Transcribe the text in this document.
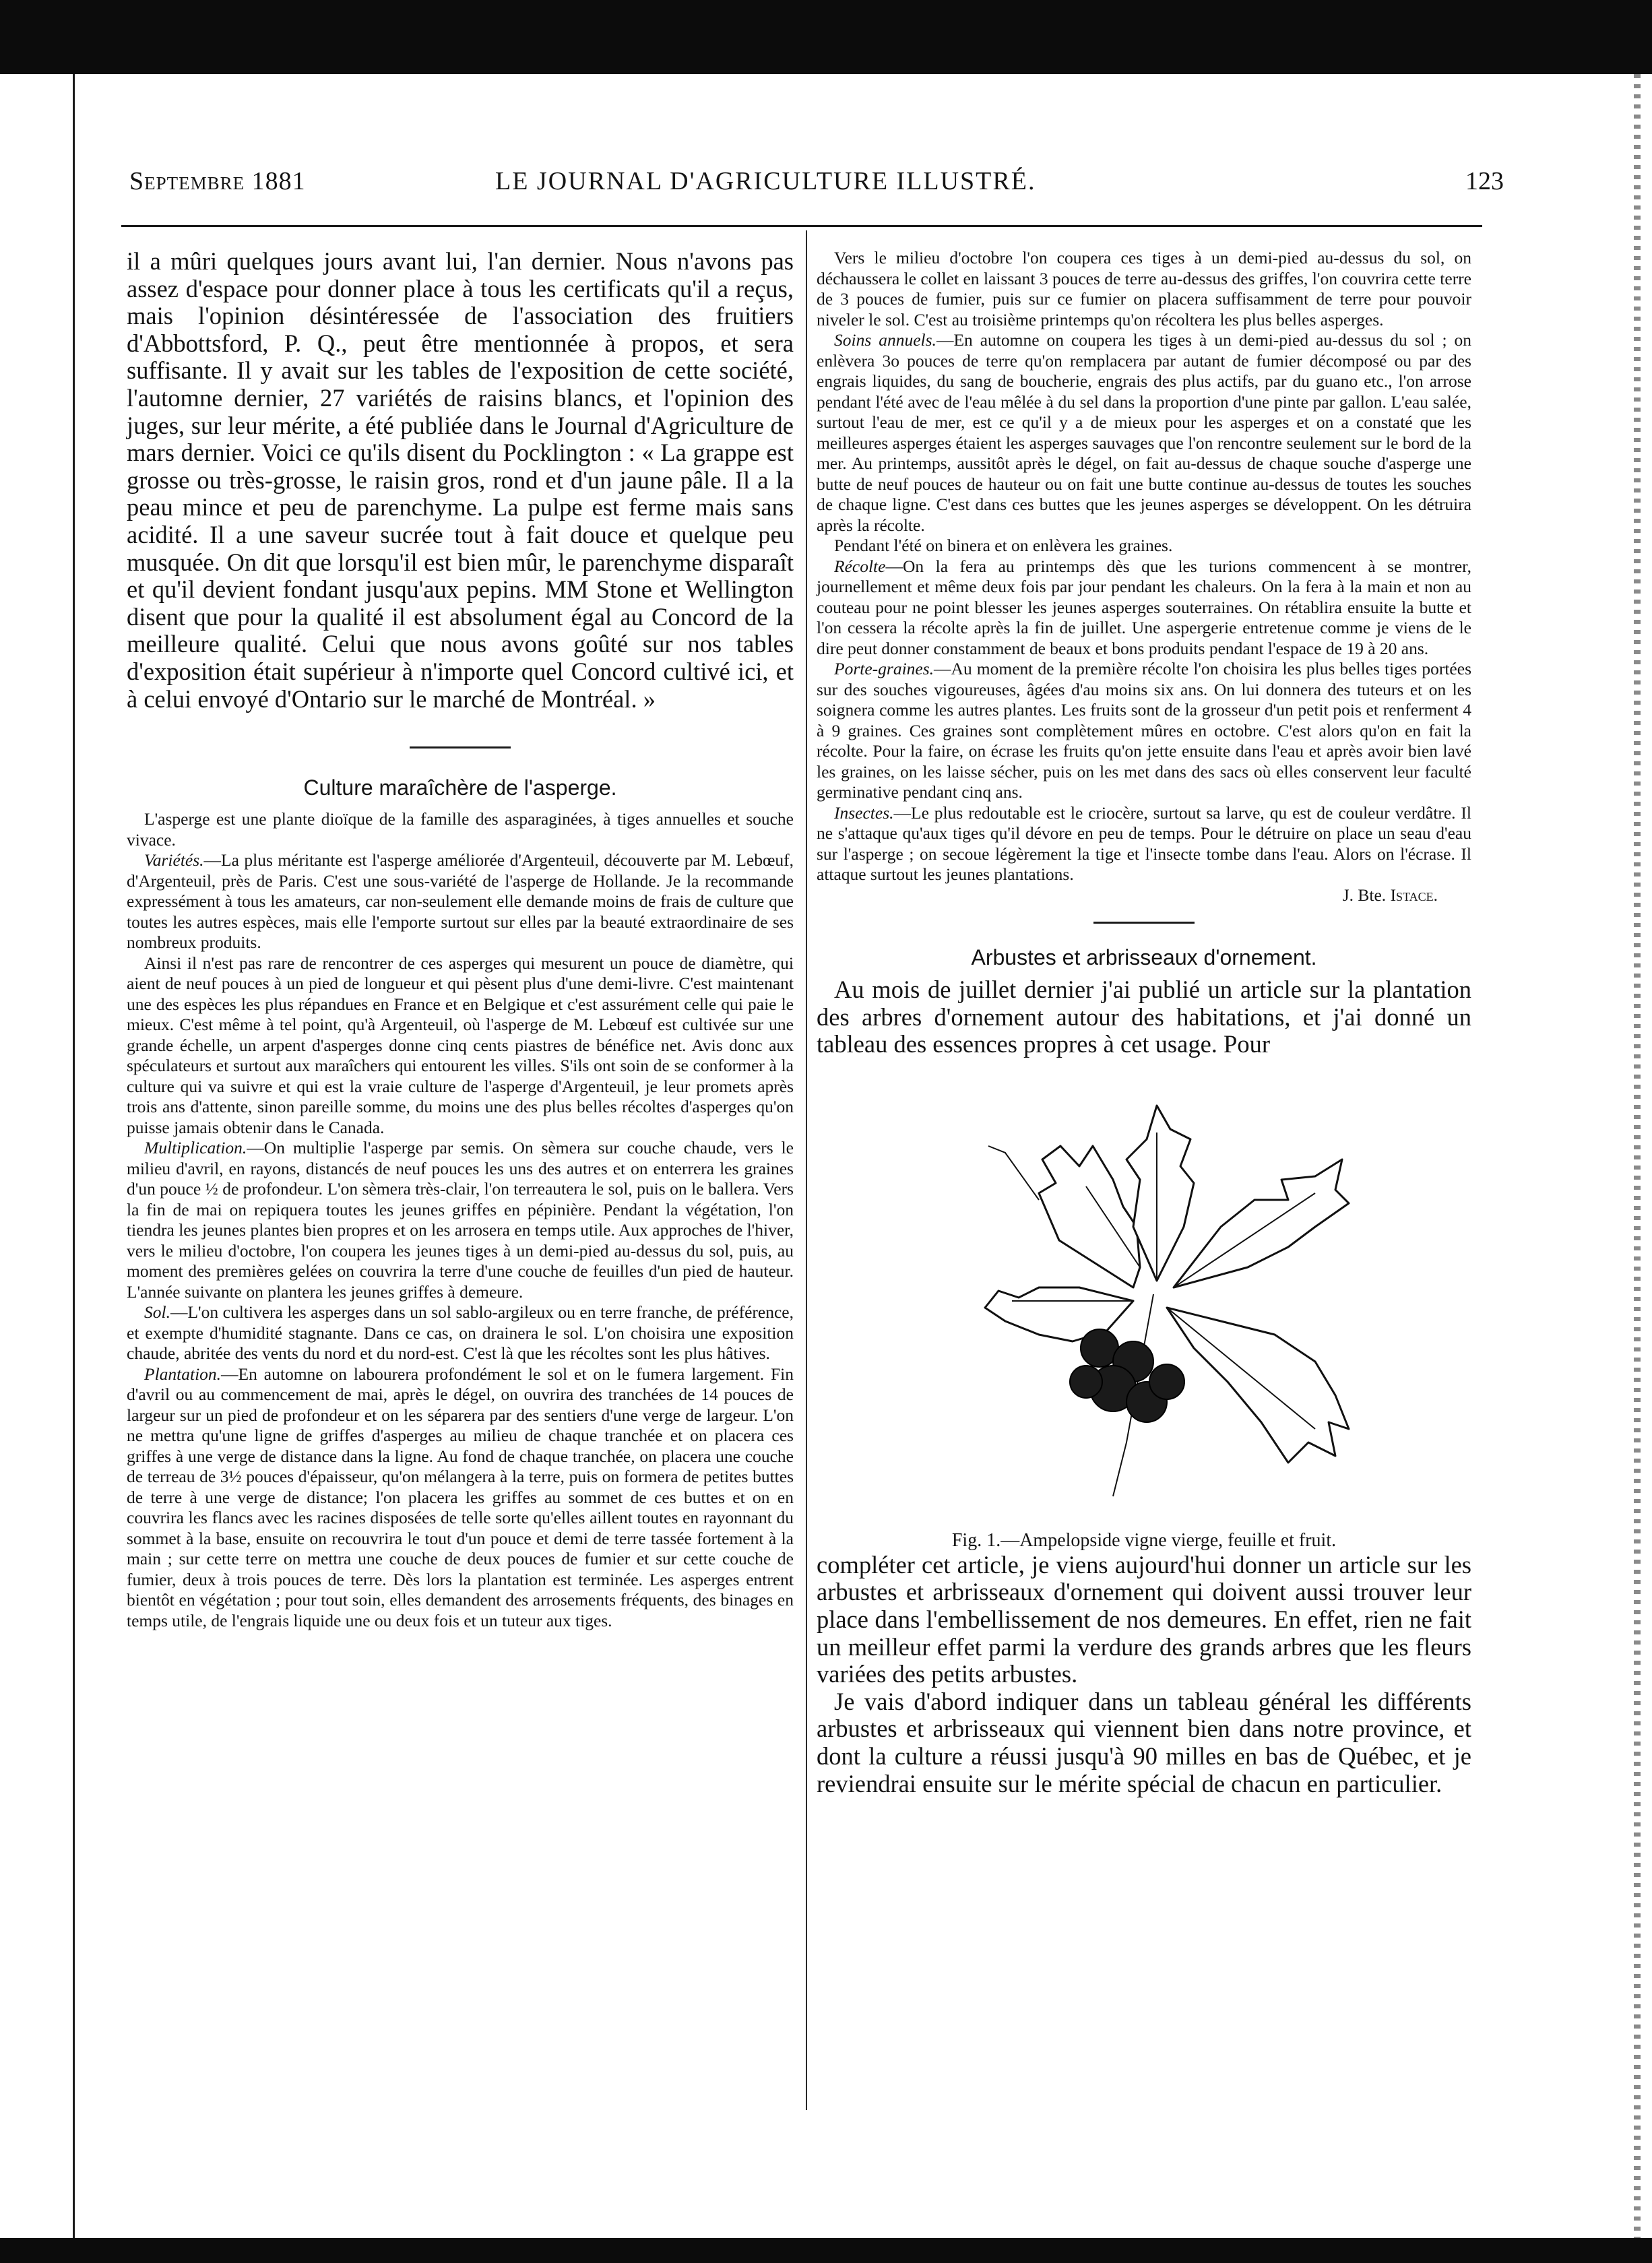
Septembre 1881	LE JOURNAL D'AGRICULTURE ILLUSTRÉ.	123

il a mûri quelques jours avant lui, l'an dernier. Nous n'avons pas assez d'espace pour donner place à tous les certificats qu'il a reçus, mais l'opinion désintéressée de l'association des fruitiers d'Abbottsford, P. Q., peut être mentionnée à propos, et sera suffisante. Il y avait sur les tables de l'exposition de cette société, l'automne dernier, 27 variétés de raisins blancs, et l'opinion des juges, sur leur mérite, a été publiée dans le Journal d'Agriculture de mars dernier. Voici ce qu'ils disent du Pocklington : « La grappe est grosse ou très-grosse, le raisin gros, rond et d'un jaune pâle. Il a la peau mince et peu de parenchyme. La pulpe est ferme mais sans acidité. Il a une saveur sucrée tout à fait douce et quelque peu musquée. On dit que lorsqu'il est bien mûr, le parenchyme disparaît et qu'il devient fondant jusqu'aux pepins. MM Stone et Wellington disent que pour la qualité il est absolument égal au Concord de la meilleure qualité. Celui que nous avons goûté sur nos tables d'exposition était supérieur à n'importe quel Concord cultivé ici, et à celui envoyé d'Ontario sur le marché de Montréal. »

Culture maraîchère de l'asperge.

L'asperge est une plante dioïque de la famille des asparaginées, à tiges annuelles et souche vivace.

Variétés.—La plus méritante est l'asperge améliorée d'Argenteuil, découverte par M. Lebœuf, d'Argenteuil, près de Paris. C'est une sous-variété de l'asperge de Hollande. Je la recommande expressément à tous les amateurs, car non-seulement elle demande moins de frais de culture que toutes les autres espèces, mais elle l'emporte surtout sur elles par la beauté extraordinaire de ses nombreux produits.

Ainsi il n'est pas rare de rencontrer de ces asperges qui mesurent un pouce de diamètre, qui aient de neuf pouces à un pied de longueur et qui pèsent plus d'une demi-livre. C'est maintenant une des espèces les plus répandues en France et en Belgique et c'est assurément celle qui paie le mieux. C'est même à tel point, qu'à Argenteuil, où l'asperge de M. Lebœuf est cultivée sur une grande échelle, un arpent d'asperges donne cinq cents piastres de bénéfice net. Avis donc aux spéculateurs et surtout aux maraîchers qui entourent les villes. S'ils ont soin de se conformer à la culture qui va suivre et qui est la vraie culture de l'asperge d'Argenteuil, je leur promets après trois ans d'attente, sinon pareille somme, du moins une des plus belles récoltes d'asperges qu'on puisse jamais obtenir dans le Canada.

Multiplication.—On multiplie l'asperge par semis. On sèmera sur couche chaude, vers le milieu d'avril, en rayons, distancés de neuf pouces les uns des autres et on enterrera les graines d'un pouce ½ de profondeur. L'on sèmera très-clair, l'on terreautera le sol, puis on le ballera. Vers la fin de mai on repiquera toutes les jeunes griffes en pépinière. Pendant la végétation, l'on tiendra les jeunes plantes bien propres et on les arrosera en temps utile. Aux approches de l'hiver, vers le milieu d'octobre, l'on coupera les jeunes tiges à un demi-pied au-dessus du sol, puis, au moment des premières gelées on couvrira la terre d'une couche de feuilles d'un pied de hauteur. L'année suivante on plantera les jeunes griffes à demeure.

Sol.—L'on cultivera les asperges dans un sol sablo-argileux ou en terre franche, de préférence, et exempte d'humidité stagnante. Dans ce cas, on drainera le sol. L'on choisira une exposition chaude, abritée des vents du nord et du nord-est. C'est là que les récoltes sont les plus hâtives.

Plantation.—En automne on labourera profondément le sol et on le fumera largement. Fin d'avril ou au commencement de mai, après le dégel, on ouvrira des tranchées de 14 pouces de largeur sur un pied de profondeur et on les séparera par des sentiers d'une verge de largeur. L'on ne mettra qu'une ligne de griffes d'asperges au milieu de chaque tranchée et on placera ces griffes à une verge de distance dans la ligne. Au fond de chaque tranchée, on placera une couche de terreau de 3½ pouces d'épaisseur, qu'on mélangera à la terre, puis on formera de petites buttes de terre à une verge de distance; l'on placera les griffes au sommet de ces buttes et on en couvrira les flancs avec les racines disposées de telle sorte qu'elles aillent toutes en rayonnant du sommet à la base, ensuite on recouvrira le tout d'un pouce et demi de terre tassée fortement à la main ; sur cette terre on mettra une couche de deux pouces de fumier et sur cette couche de fumier, deux à trois pouces de terre. Dès lors la plantation est terminée. Les asperges entrent bientôt en végétation ; pour tout soin, elles demandent des arrosements fréquents, des binages en temps utile, de l'engrais liquide une ou deux fois et un tuteur aux tiges.

Vers le milieu d'octobre l'on coupera ces tiges à un demi-pied au-dessus du sol, on déchaussera le collet en laissant 3 pouces de terre au-dessus des griffes, l'on couvrira cette terre de 3 pouces de fumier, puis sur ce fumier on placera suffisamment de terre pour pouvoir niveler le sol. C'est au troisième printemps qu'on récoltera les plus belles asperges.

Soins annuels.—En automne on coupera les tiges à un demi-pied au-dessus du sol ; on enlèvera 3o pouces de terre qu'on remplacera par autant de fumier décomposé ou par des engrais liquides, du sang de boucherie, engrais des plus actifs, par du guano etc., l'on arrose pendant l'été avec de l'eau mêlée à du sel dans la proportion d'une pinte par gallon. L'eau salée, surtout l'eau de mer, est ce qu'il y a de mieux pour les asperges et on a constaté que les meilleures asperges étaient les asperges sauvages que l'on rencontre seulement sur le bord de la mer. Au printemps, aussitôt après le dégel, on fait au-dessus de chaque souche d'asperge une butte de neuf pouces de hauteur ou on fait une butte continue au-dessus de toutes les souches de chaque ligne. C'est dans ces buttes que les jeunes asperges se développent. On les détruira après la récolte.

Pendant l'été on binera et on enlèvera les graines.

Récolte—On la fera au printemps dès que les turions commencent à se montrer, journellement et même deux fois par jour pendant les chaleurs. On la fera à la main et non au couteau pour ne point blesser les jeunes asperges souterraines. On rétablira ensuite la butte et l'on cessera la récolte après la fin de juillet. Une aspergerie entretenue comme je viens de le dire peut donner constamment de beaux et bons produits pendant l'espace de 19 à 20 ans.

Porte-graines.—Au moment de la première récolte l'on choisira les plus belles tiges portées sur des souches vigoureuses, âgées d'au moins six ans. On lui donnera des tuteurs et on les soignera comme les autres plantes. Les fruits sont de la grosseur d'un petit pois et renferment 4 à 9 graines. Ces graines sont complètement mûres en octobre. C'est alors qu'on en fait la récolte. Pour la faire, on écrase les fruits qu'on jette ensuite dans l'eau et après avoir bien lavé les graines, on les laisse sécher, puis on les met dans des sacs où elles conservent leur faculté germinative pendant cinq ans.

Insectes.—Le plus redoutable est le criocère, surtout sa larve, qu est de couleur verdâtre. Il ne s'attaque qu'aux tiges qu'il dévore en peu de temps. Pour le détruire on place un seau d'eau sur l'asperge ; on secoue légèrement la tige et l'insecte tombe dans l'eau. Alors on l'écrase. Il attaque surtout les jeunes plantations.

J. Bte. Istace.

Arbustes et arbrisseaux d'ornement.

Au mois de juillet dernier j'ai publié un article sur la plantation des arbres d'ornement autour des habitations, et j'ai donné un tableau des essences propres à cet usage. Pour

Fig. 1.—Ampelopside vigne vierge, feuille et fruit.

compléter cet article, je viens aujourd'hui donner un article sur les arbustes et arbrisseaux d'ornement qui doivent aussi trouver leur place dans l'embellissement de nos demeures. En effet, rien ne fait un meilleur effet parmi la verdure des grands arbres que les fleurs variées des petits arbustes.

Je vais d'abord indiquer dans un tableau général les différents arbustes et arbrisseaux qui viennent bien dans notre province, et dont la culture a réussi jusqu'à 90 milles en bas de Québec, et je reviendrai ensuite sur le mérite spécial de chacun en particulier.
